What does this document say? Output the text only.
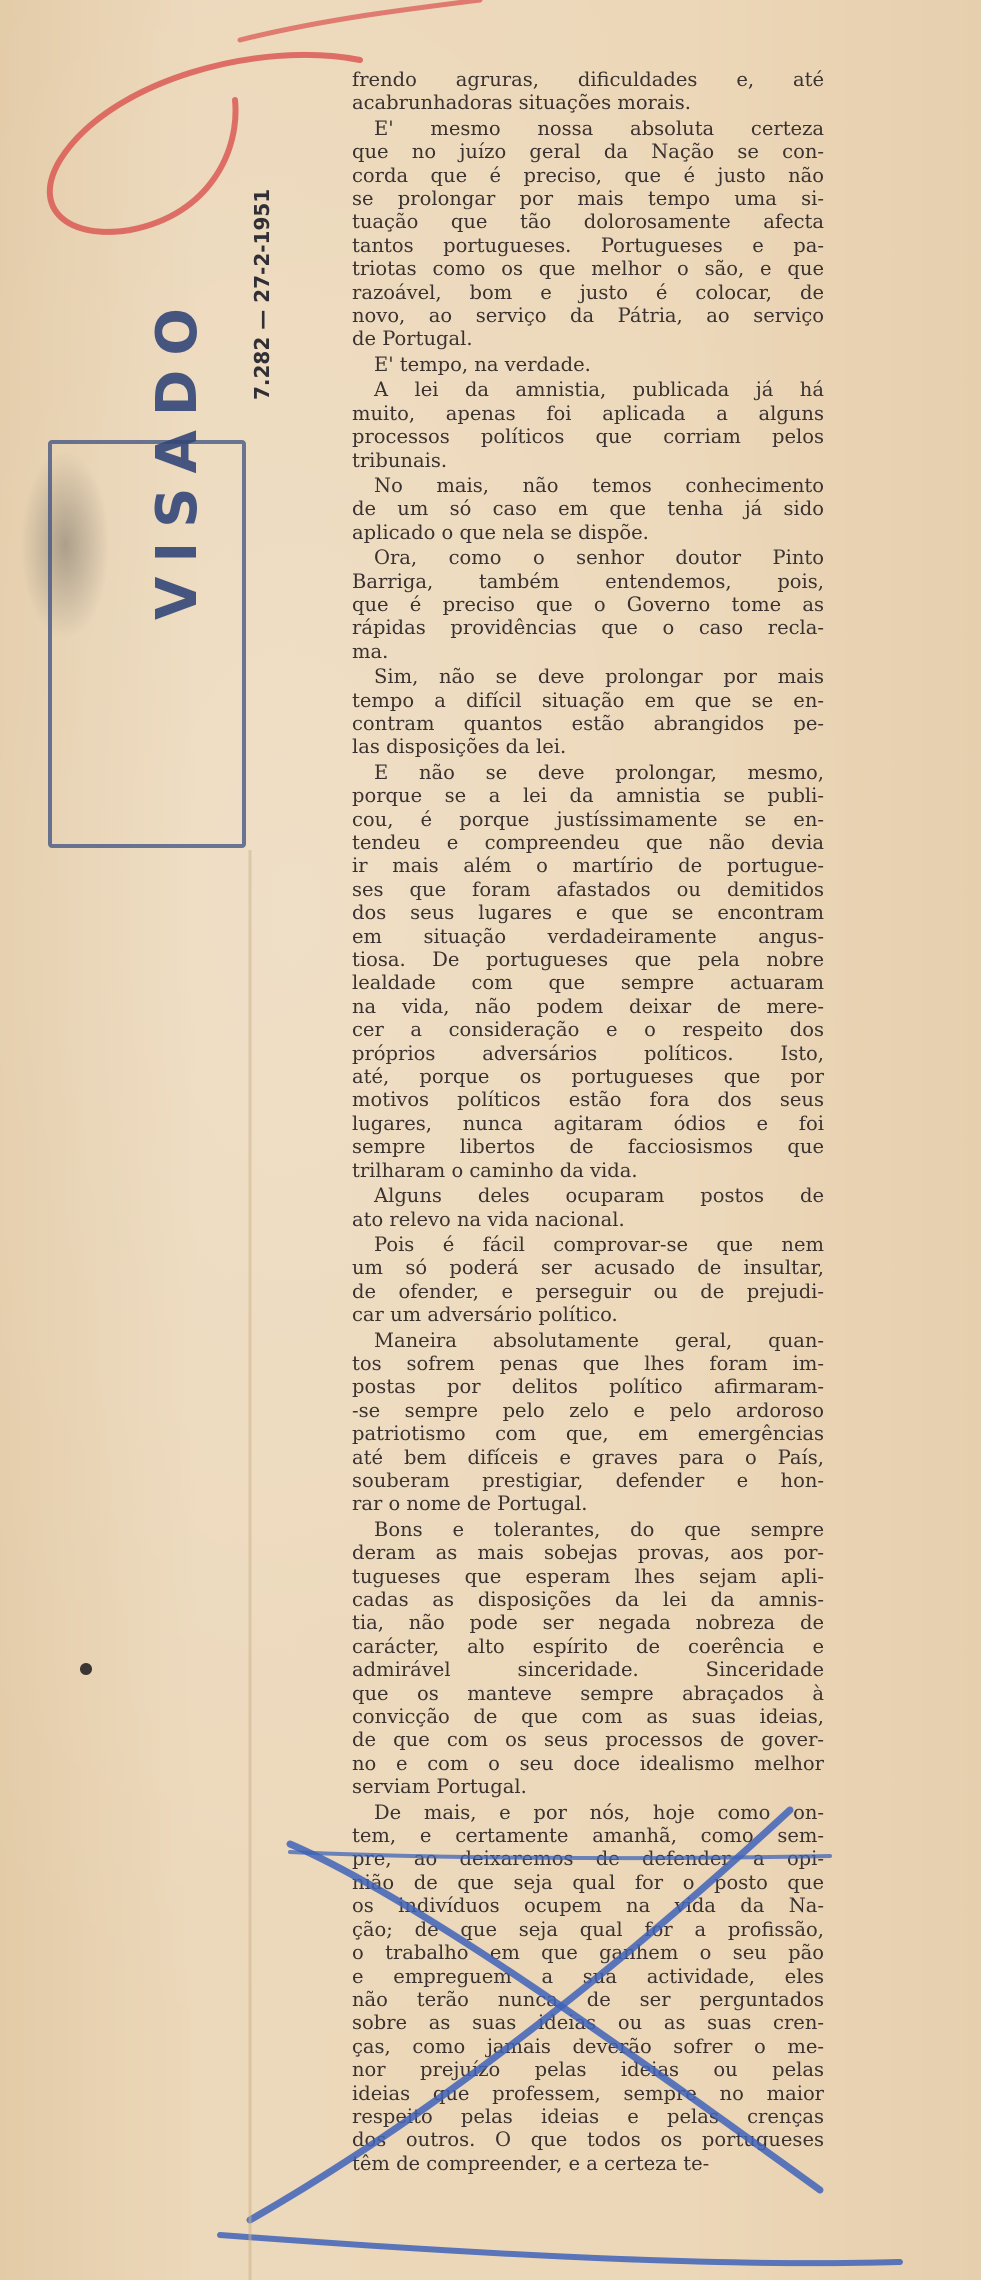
VISADO 7.282 — 27-2-1951
frendo agruras, dificuldades e, até
acabrunhadoras situações morais.
E' mesmo nossa absoluta certeza
que no juízo geral da Nação se con-
corda que é preciso, que é justo não
se prolongar por mais tempo uma si-
tuação que tão dolorosamente afecta
tantos portugueses. Portugueses e pa-
triotas como os que melhor o são, e que
razoável, bom e justo é colocar, de
novo, ao serviço da Pátria, ao serviço
de Portugal.
E' tempo, na verdade.
A lei da amnistia, publicada já há
muito, apenas foi aplicada a alguns
processos políticos que corriam pelos
tribunais.
No mais, não temos conhecimento
de um só caso em que tenha já sido
aplicado o que nela se dispõe.
Ora, como o senhor doutor Pinto
Barriga, também entendemos, pois,
que é preciso que o Governo tome as
rápidas providências que o caso recla-
ma.
Sim, não se deve prolongar por mais
tempo a difícil situação em que se en-
contram quantos estão abrangidos pe-
las disposições da lei.
E não se deve prolongar, mesmo,
porque se a lei da amnistia se publi-
cou, é porque justíssimamente se en-
tendeu e compreendeu que não devia
ir mais além o martírio de portugue-
ses que foram afastados ou demitidos
dos seus lugares e que se encontram
em situação verdadeiramente angus-
tiosa. De portugueses que pela nobre
lealdade com que sempre actuaram
na vida, não podem deixar de mere-
cer a consideração e o respeito dos
próprios adversários políticos. Isto,
até, porque os portugueses que por
motivos políticos estão fora dos seus
lugares, nunca agitaram ódios e foi
sempre libertos de facciosismos que
trilharam o caminho da vida.
Alguns deles ocuparam postos de
ato relevo na vida nacional.
Pois é fácil comprovar-se que nem
um só poderá ser acusado de insultar,
de ofender, e perseguir ou de prejudi-
car um adversário político.
Maneira absolutamente geral, quan-
tos sofrem penas que lhes foram im-
postas por delitos político afirmaram-
-se sempre pelo zelo e pelo ardoroso
patriotismo com que, em emergências
até bem difíceis e graves para o País,
souberam prestigiar, defender e hon-
rar o nome de Portugal.
Bons e tolerantes, do que sempre
deram as mais sobejas provas, aos por-
tugueses que esperam lhes sejam apli-
cadas as disposições da lei da amnis-
tia, não pode ser negada nobreza de
carácter, alto espírito de coerência e
admirável sinceridade. Sinceridade
que os manteve sempre abraçados à
convicção de que com as suas ideias,
de que com os seus processos de gover-
no e com o seu doce idealismo melhor
serviam Portugal.
De mais, e por nós, hoje como on-
tem, e certamente amanhã, como sem-
pre, ao deixaremos de defender a opi-
nião de que seja qual for o posto que
os indivíduos ocupem na vida da Na-
ção; de que seja qual for a profissão,
o trabalho em que ganhem o seu pão
e empreguem a sua actividade, eles
não terão nunca de ser perguntados
sobre as suas ideias ou as suas cren-
ças, como jamais deverão sofrer o me-
nor prejuízo pelas ideias ou pelas
ideias que professem, sempre no maior
respeito pelas ideias e pelas crenças
dos outros. O que todos os portugueses
têm de compreender, e a certeza te-
